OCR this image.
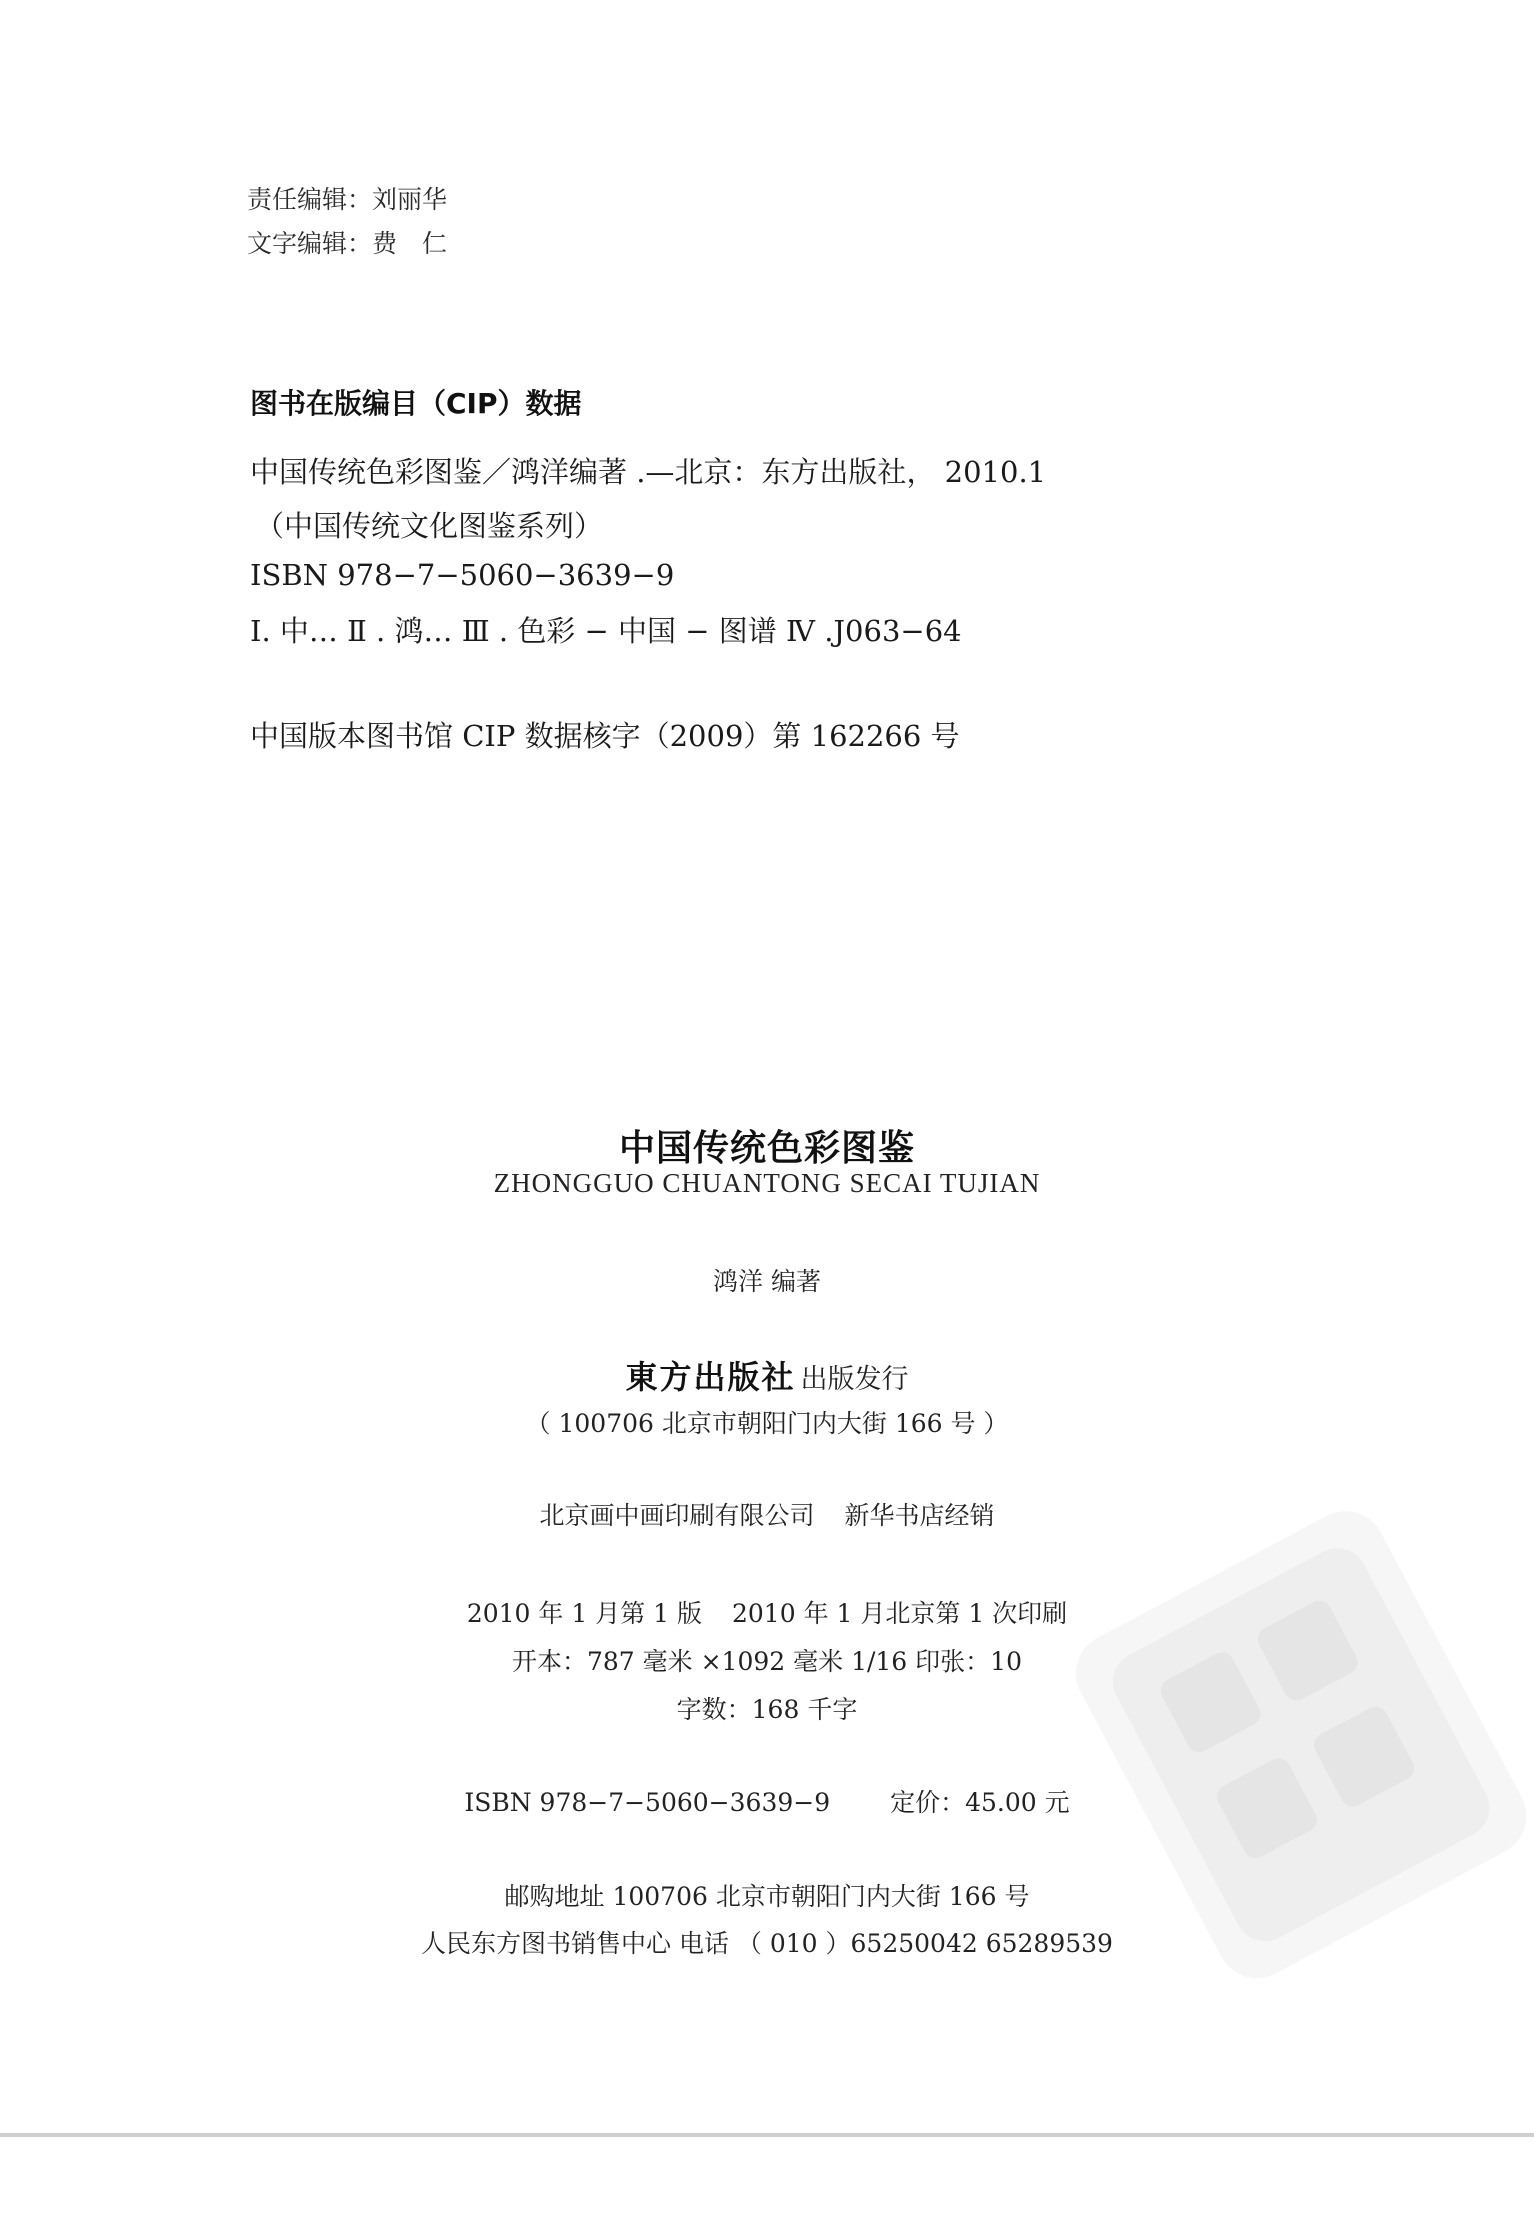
责任编辑：刘丽华
文字编辑：费　仁
图书在版编目（CIP）数据
中国传统色彩图鉴／鸿洋编著 .—北京：东方出版社， 2010.1
（中国传统文化图鉴系列）
ISBN 978−7−5060−3639−9
Ⅰ. 中… Ⅱ . 鸿… Ⅲ . 色彩 − 中国 − 图谱 Ⅳ .J063−64
中国版本图书馆 CIP 数据核字（2009）第 162266 号
中国传统色彩图鉴
ZHONGGUO CHUANTONG SECAI TUJIAN
鸿洋 编著
東方出版社 出版发行
（ 100706 北京市朝阳门内大街 166 号 ）
北京画中画印刷有限公司 新华书店经销
2010 年 1 月第 1 版 2010 年 1 月北京第 1 次印刷
开本：787 毫米 ×1092 毫米 1/16 印张：10
字数：168 千字
ISBN 978−7−5060−3639−9 定价：45.00 元
邮购地址 100706 北京市朝阳门内大街 166 号
人民东方图书销售中心 电话 （ 010 ）65250042 65289539
